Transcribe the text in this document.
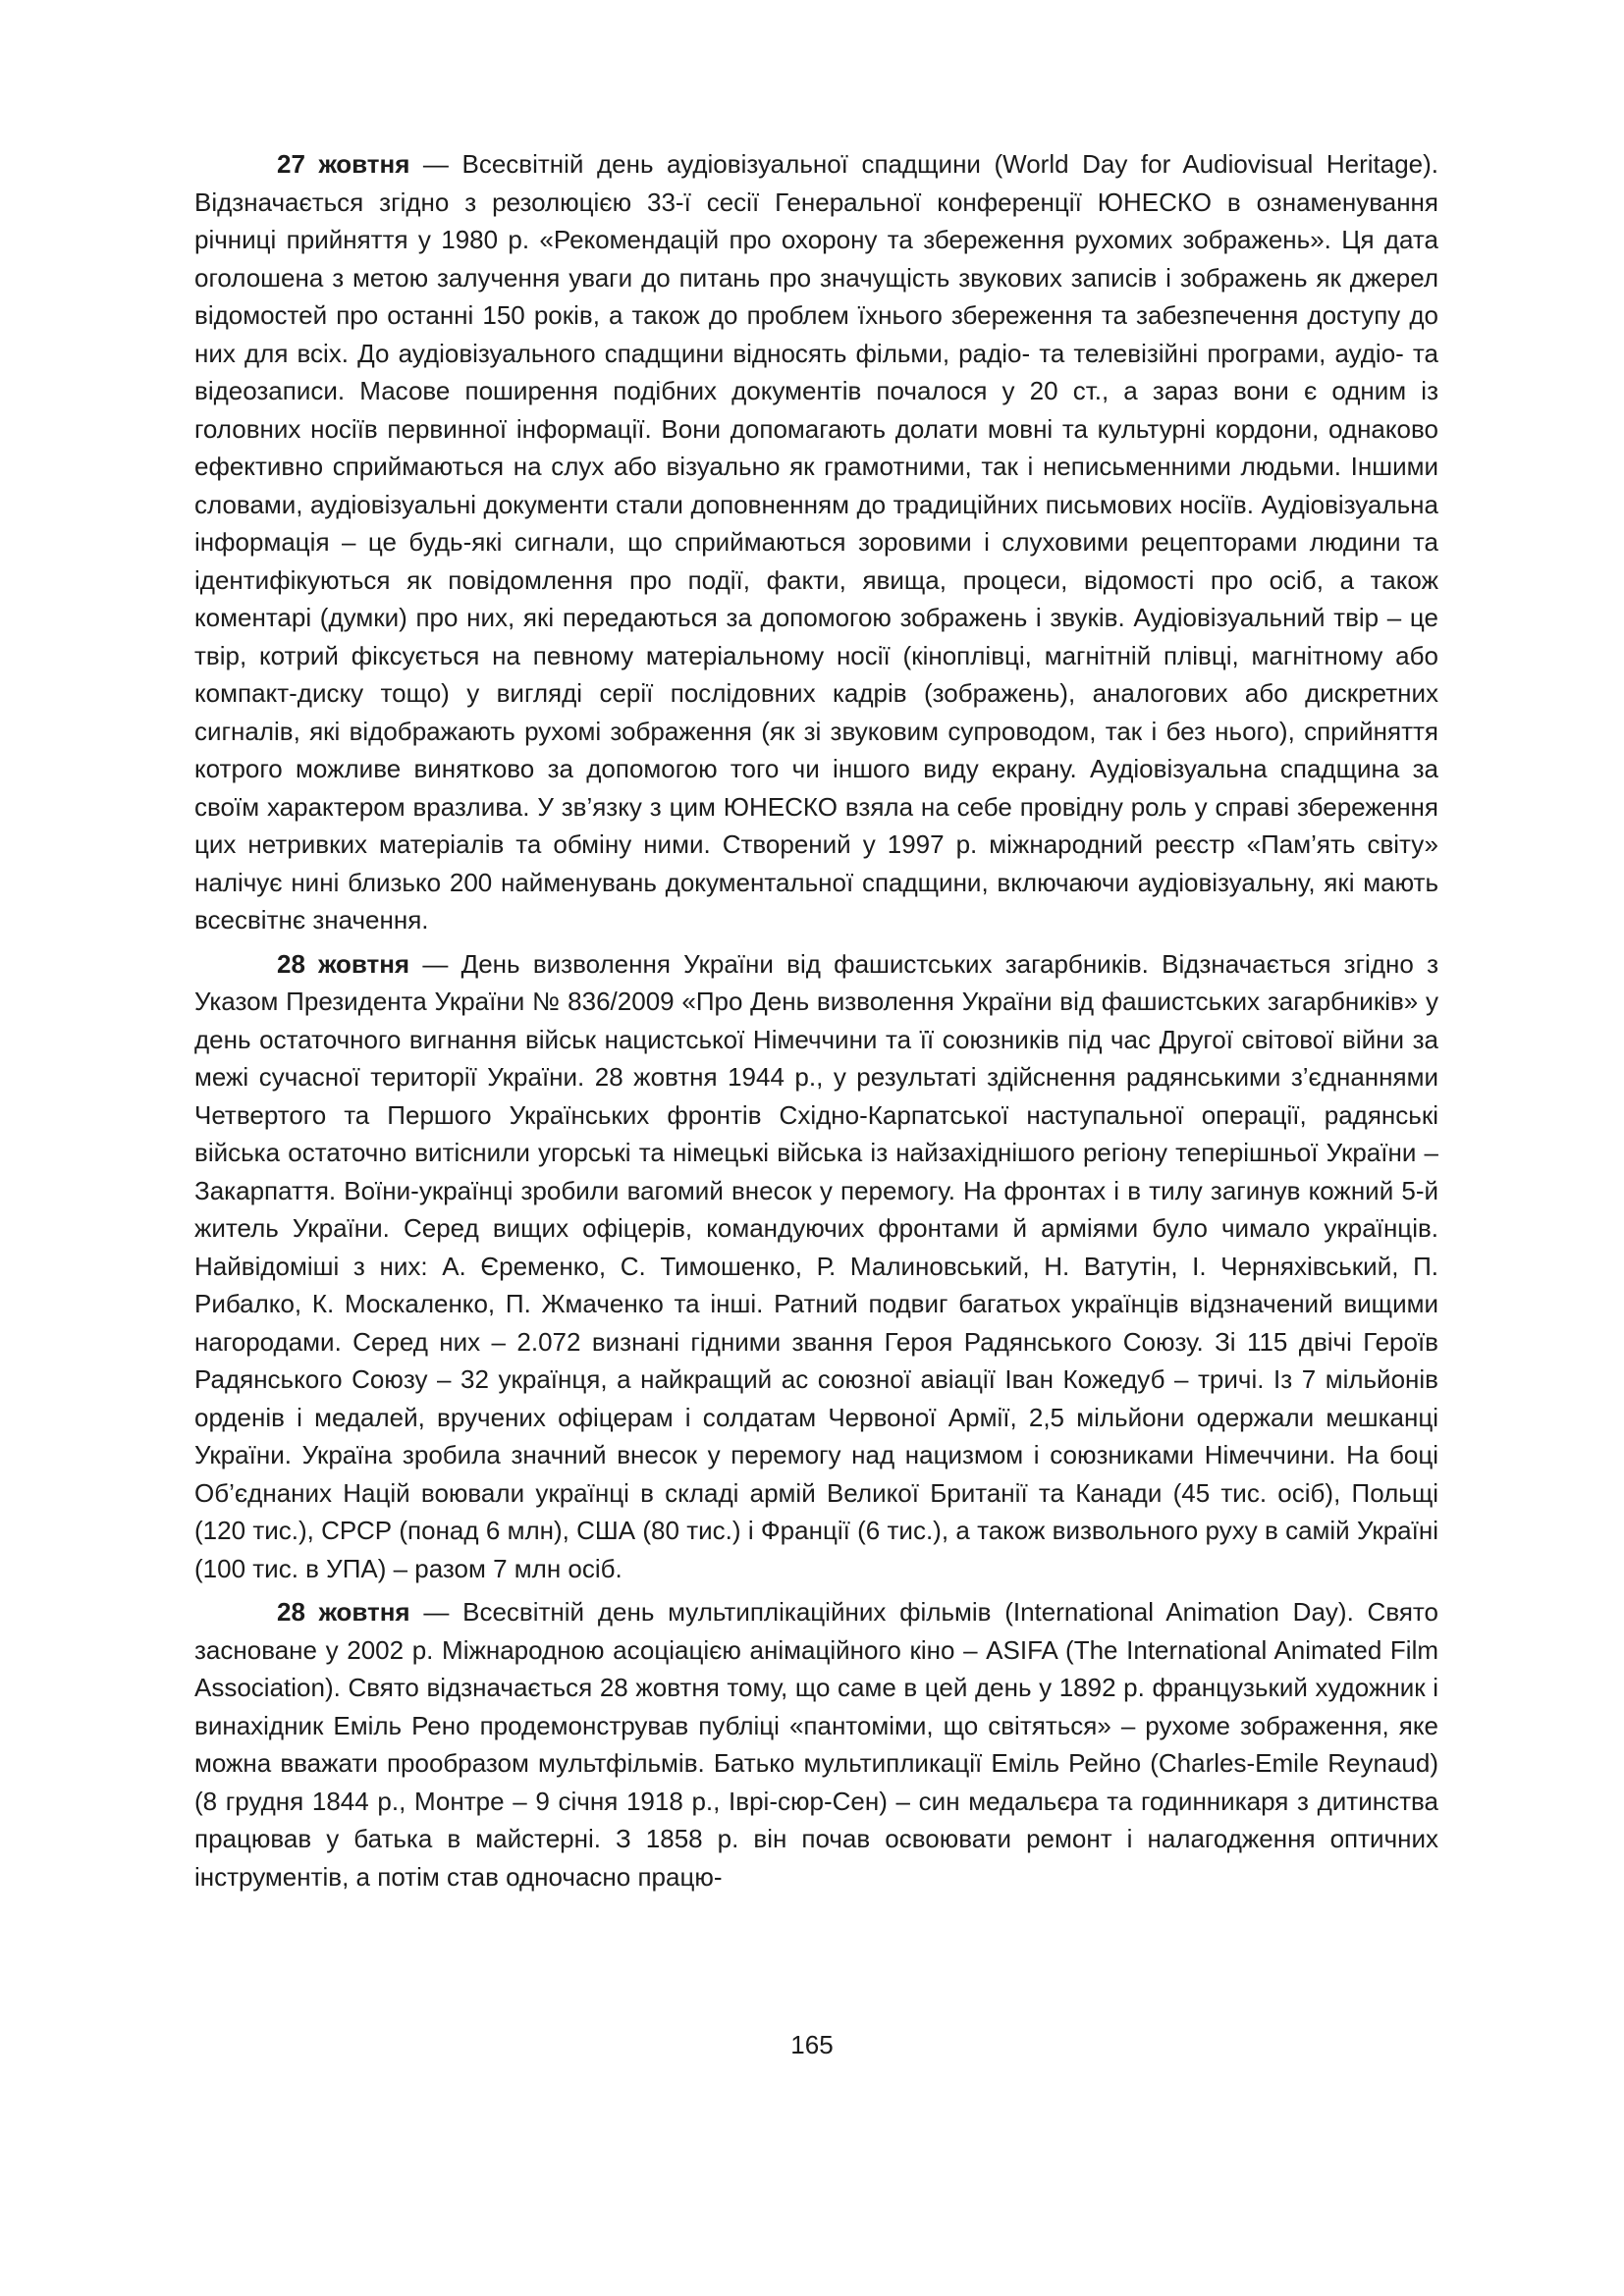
27 жовтня — Всесвітній день аудіовізуальної спадщини (World Day for Audiovisual Heritage). Відзначається згідно з резолюцією 33-ї сесії Генеральної конференції ЮНЕСКО в ознаменування річниці прийняття у 1980 р. «Рекомендацій про охорону та збереження рухомих зображень». Ця дата оголошена з метою залучення уваги до питань про значущість звукових записів і зображень як джерел відомостей про останні 150 років, а також до проблем їхнього збереження та забезпечення доступу до них для всіх. До аудіовізуального спадщини відносять фільми, радіо- та телевізійні програми, аудіо- та відеозаписи. Масове поширення подібних документів почалося у 20 ст., а зараз вони є одним із головних носіїв первинної інформації. Вони допомагають долати мовні та культурні кордони, однаково ефективно сприймаються на слух або візуально як грамотними, так і неписьменними людьми. Іншими словами, аудіовізуальні документи стали доповненням до традиційних письмових носіїв. Аудіовізуальна інформація – це будь-які сигнали, що сприймаються зоровими і слуховими рецепторами людини та ідентифікуються як повідомлення про події, факти, явища, процеси, відомості про осіб, а також коментарі (думки) про них, які передаються за допомогою зображень і звуків. Аудіовізуальний твір – це твір, котрий фіксується на певному матеріальному носії (кіноплівці, магнітній плівці, магнітному або компакт-диску тощо) у вигляді серії послідовних кадрів (зображень), аналогових або дискретних сигналів, які відображають рухомі зображення (як зі звуковим супроводом, так і без нього), сприйняття котрого можливе винятково за допомогою того чи іншого виду екрану. Аудіовізуальна спадщина за своїм характером вразлива. У зв’язку з цим ЮНЕСКО взяла на себе провідну роль у справі збереження цих нетривких матеріалів та обміну ними. Створений у 1997 р. міжнародний реєстр «Пам’ять світу» налічує нині близько 200 найменувань документальної спадщини, включаючи аудіовізуальну, які мають всесвітнє значення.

28 жовтня — День визволення України від фашистських загарбників. Відзначається згідно з Указом Президента України № 836/2009 «Про День визволення України від фашистських загарбників» у день остаточного вигнання військ нацистської Німеччини та її союзників під час Другої світової війни за межі сучасної території України. 28 жовтня 1944 р., у результаті здійснення радянськими з’єднаннями Четвертого та Першого Українських фронтів Східно-Карпатської наступальної операції, радянські війська остаточно витіснили угорські та німецькі війська із найзахіднішого регіону теперішньої України – Закарпаття. Воїни-українці зробили вагомий внесок у перемогу. На фронтах і в тилу загинув кожний 5-й житель України. Серед вищих офіцерів, командуючих фронтами й арміями було чимало українців. Найвідоміші з них: А. Єременко, С. Тимошенко, Р. Малиновський, Н. Ватутін, І. Черняхівський, П. Рибалко, К. Москаленко, П. Жмаченко та інші. Ратний подвиг багатьох українців відзначений вищими нагородами. Серед них – 2.072 визнані гідними звання Героя Радянського Союзу. Зі 115 двічі Героїв Радянського Союзу – 32 українця, а найкращий ас союзної авіації Іван Кожедуб – тричі. Із 7 мільйонів орденів і медалей, вручених офіцерам і солдатам Червоної Армії, 2,5 мільйони одержали мешканці України. Україна зробила значний внесок у перемогу над нацизмом і союзниками Німеччини. На боці Об’єднаних Націй воювали українці в складі армій Великої Британії та Канади (45 тис. осіб), Польщі (120 тис.), СРСР (понад 6 млн), США (80 тис.) і Франції (6 тис.), а також визвольного руху в самій Україні (100 тис. в УПА) – разом 7 млн осіб.

28 жовтня — Всесвітній день мультиплікаційних фільмів (International Animation Day). Свято засноване у 2002 р. Міжнародною асоціацією анімаційного кіно – ASIFA (The International Animated Film Association). Свято відзначається 28 жовтня тому, що саме в цей день у 1892 р. французький художник і винахідник Еміль Рено продемонстрував публіці «пантоміми, що світяться» – рухоме зображення, яке можна вважати прообразом мультфільмів. Батько мультипликації Еміль Рейно (Charles-Emile Reynaud) (8 грудня 1844 р., Монтре – 9 січня 1918 р., Іврі-сюр-Сен) – син медальєра та годинникаря з дитинства працював у батька в майстерні. З 1858 р. він почав освоювати ремонт і налагодження оптичних інструментів, а потім став одночасно працю-

165
